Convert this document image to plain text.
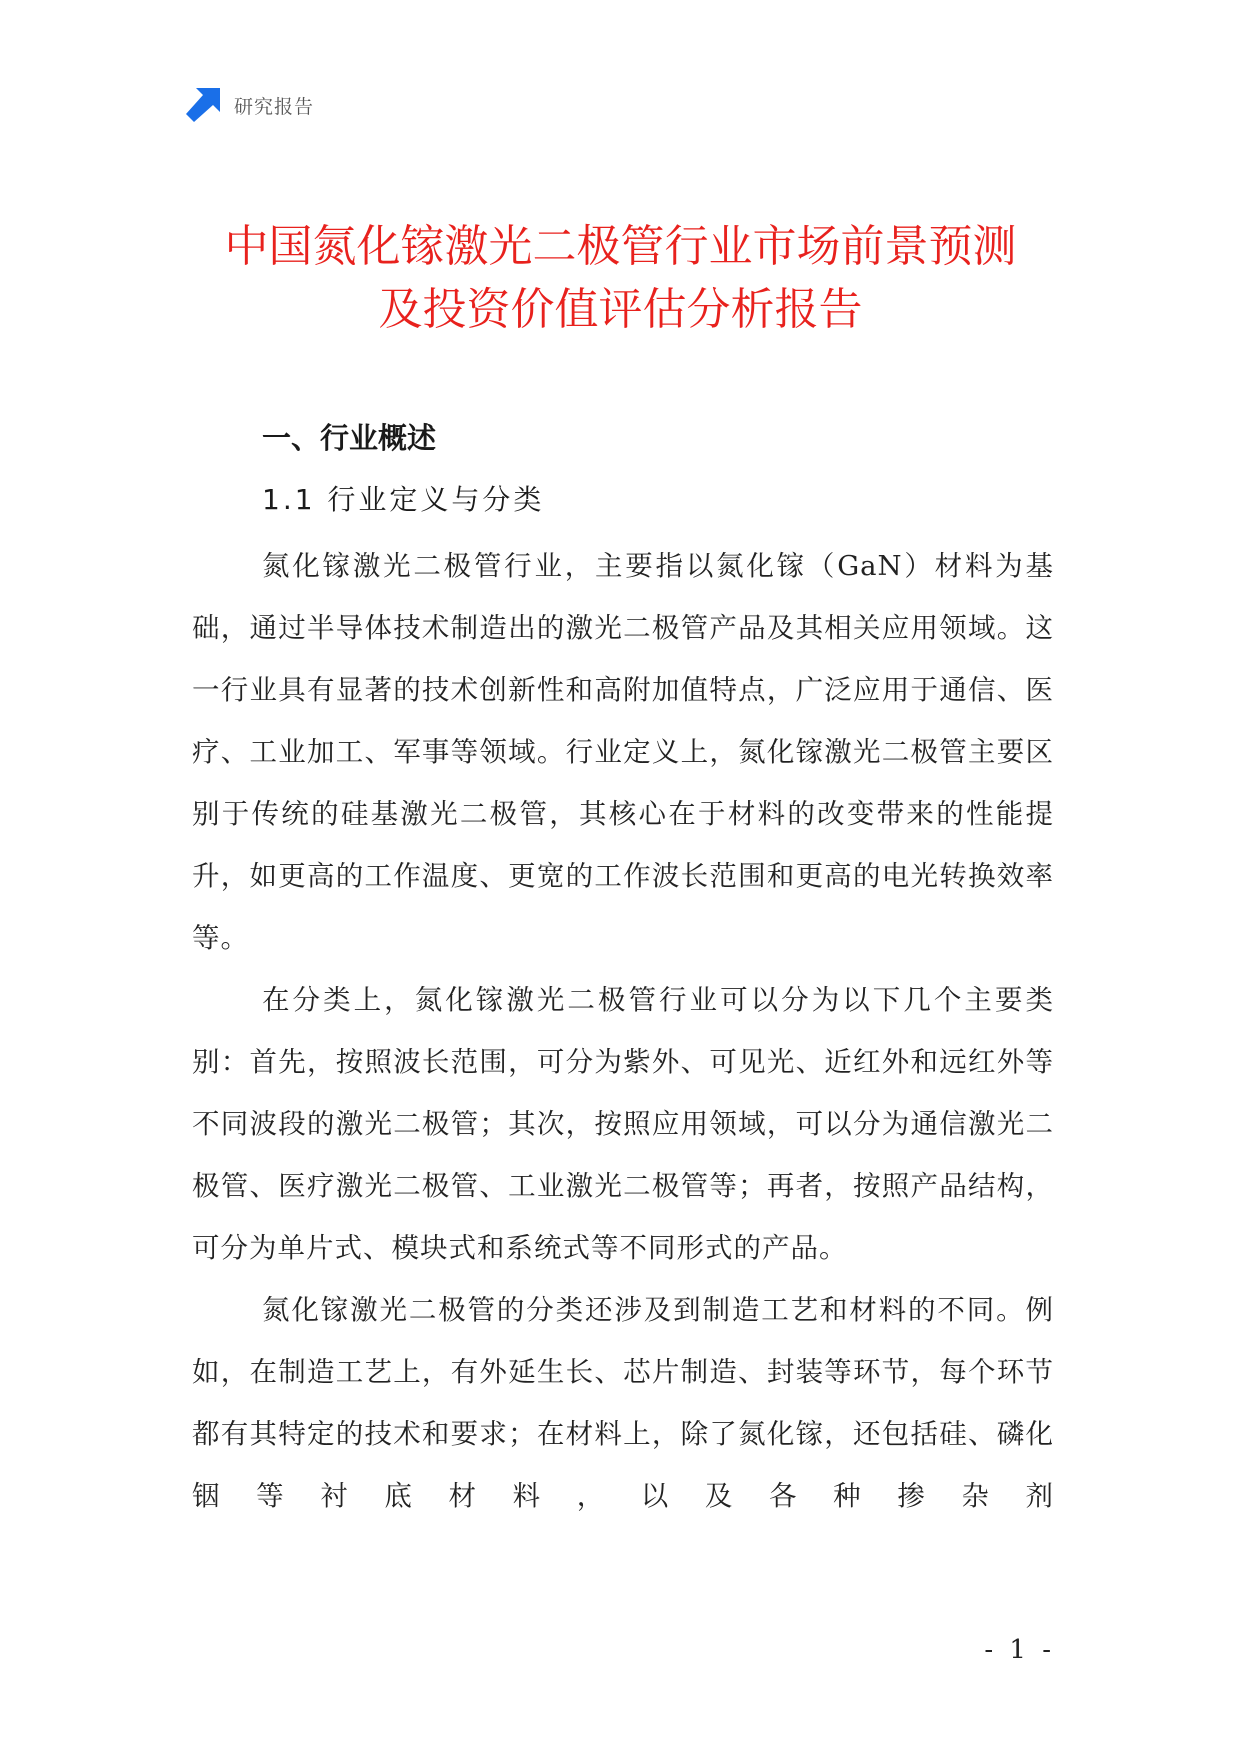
研究报告
中国氮化镓激光二极管行业市场前景预测
及投资价值评估分析报告
一、行业概述
1.1 行业定义与分类

氮化镓激光二极管行业，主要指以氮化镓（GaN）材料为基础，通过半导体技术制造出的激光二极管产品及其相关应用领域。这一行业具有显著的技术创新性和高附加值特点，广泛应用于通信、医疗、工业加工、军事等领域。行业定义上，氮化镓激光二极管主要区别于传统的硅基激光二极管，其核心在于材料的改变带来的性能提升，如更高的工作温度、更宽的工作波长范围和更高的电光转换效率等。

在分类上，氮化镓激光二极管行业可以分为以下几个主要类别：首先，按照波长范围，可分为紫外、可见光、近红外和远红外等不同波段的激光二极管；其次，按照应用领域，可以分为通信激光二极管、医疗激光二极管、工业激光二极管等；再者，按照产品结构，可分为单片式、模块式和系统式等不同形式的产品。

氮化镓激光二极管的分类还涉及到制造工艺和材料的不同。例如，在制造工艺上，有外延生长、芯片制造、封装等环节，每个环节都有其特定的技术和要求；在材料上，除了氮化镓，还包括硅、磷化铟等衬底材料，以及各种掺杂剂

- 1 -
